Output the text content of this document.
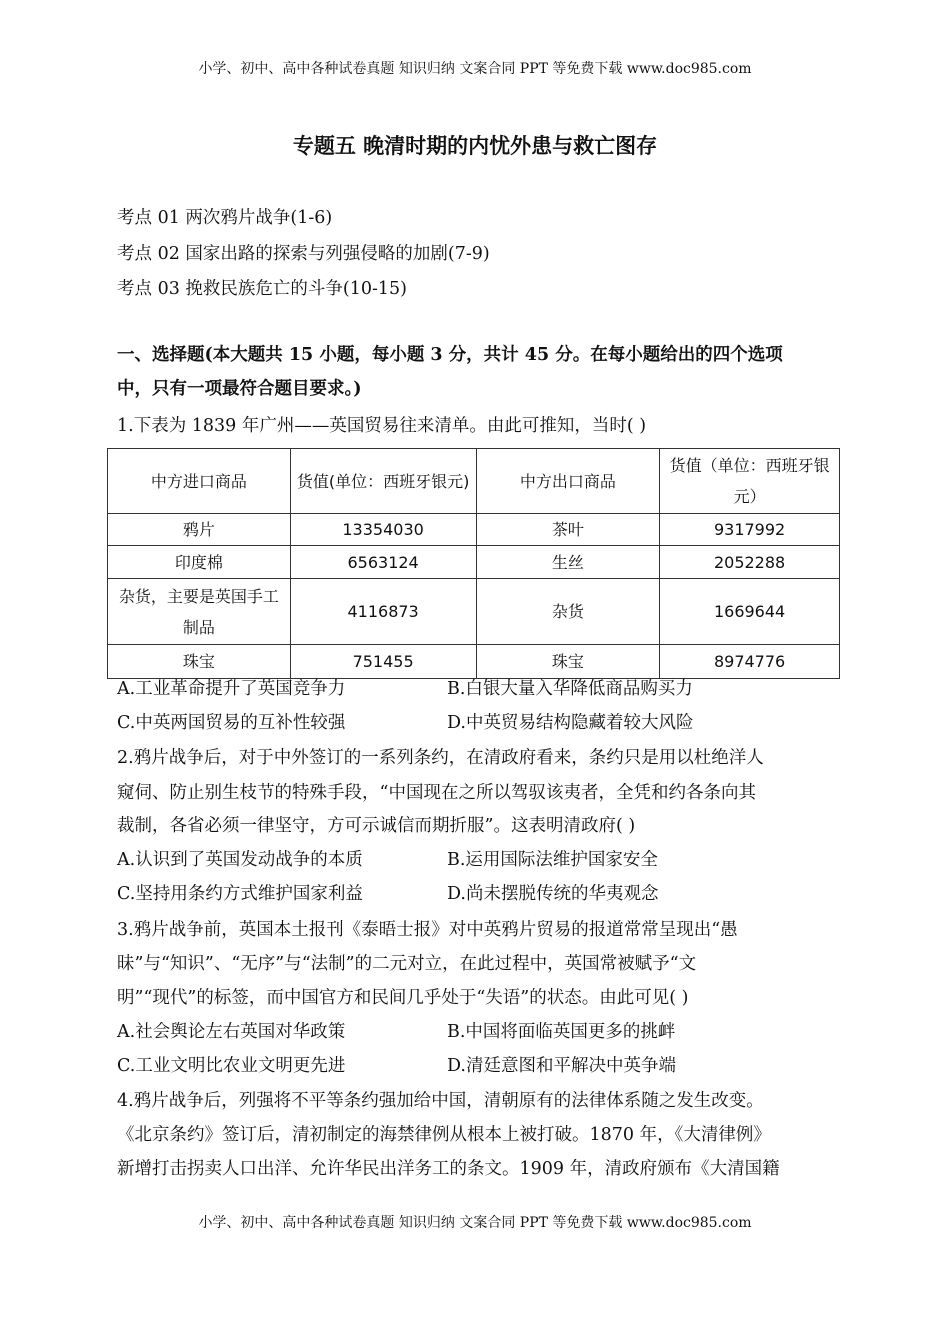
小学、初中、高中各种试卷真题 知识归纳 文案合同 PPT 等免费下载 www.doc985.com
专题五 晚清时期的内忧外患与救亡图存
考点 01 两次鸦片战争(1-6)
考点 02 国家出路的探索与列强侵略的加剧(7-9)
考点 03 挽救民族危亡的斗争(10-15)
一、选择题(本大题共 15 小题，每小题 3 分，共计 45 分。在每小题给出的四个选项
中，只有一项最符合题目要求。)
1.下表为 1839 年广州——英国贸易往来清单。由此可推知，当时( )
中方进口商品	货值(单位：西班牙银元)	中方出口商品	货值（单位：西班牙银元）
鸦片	13354030	茶叶	9317992
印度棉	6563124	生丝	2052288
杂货，主要是英国手工制品	4116873	杂货	1669644
珠宝	751455	珠宝	8974776
A.工业革命提升了英国竞争力	B.白银大量入华降低商品购买力
C.中英两国贸易的互补性较强	D.中英贸易结构隐藏着较大风险
2.鸦片战争后，对于中外签订的一系列条约，在清政府看来，条约只是用以杜绝洋人
窥伺、防止别生枝节的特殊手段，“中国现在之所以驾驭该夷者，全凭和约各条向其
裁制，各省必须一律坚守，方可示诚信而期折服”。这表明清政府( )
A.认识到了英国发动战争的本质	B.运用国际法维护国家安全
C.坚持用条约方式维护国家利益	D.尚未摆脱传统的华夷观念
3.鸦片战争前，英国本土报刊《泰晤士报》对中英鸦片贸易的报道常常呈现出“愚
昧”与“知识”、“无序”与“法制”的二元对立，在此过程中，英国常被赋予“文
明”“现代”的标签，而中国官方和民间几乎处于“失语”的状态。由此可见( )
A.社会舆论左右英国对华政策	B.中国将面临英国更多的挑衅
C.工业文明比农业文明更先进	D.清廷意图和平解决中英争端
4.鸦片战争后，列强将不平等条约强加给中国，清朝原有的法律体系随之发生改变。
《北京条约》签订后，清初制定的海禁律例从根本上被打破。1870 年，《大清律例》
新增打击拐卖人口出洋、允许华民出洋务工的条文。1909 年，清政府颁布《大清国籍
小学、初中、高中各种试卷真题 知识归纳 文案合同 PPT 等免费下载 www.doc985.com
